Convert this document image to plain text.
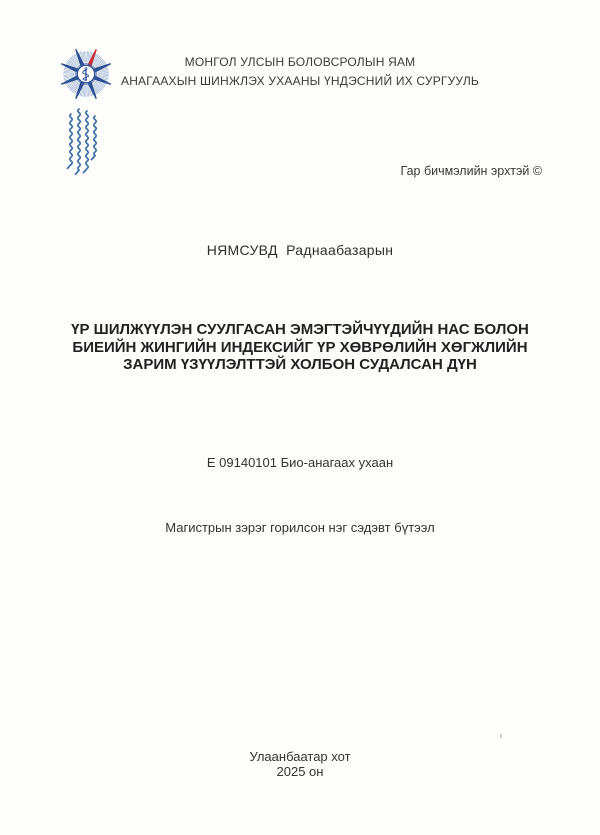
МОНГОЛ УЛСЫН БОЛОВСРОЛЫН ЯАМ
АНАГААХЫН ШИНЖЛЭХ УХААНЫ ҮНДЭСНИЙ ИХ СУРГУУЛЬ
Гар бичмэлийн эрхтэй ©
НЯМСУВД  Раднаабазарын
ҮР ШИЛЖҮҮЛЭН СУУЛГАСАН ЭМЭГТЭЙЧҮҮДИЙН НАС БОЛОН
БИЕИЙН ЖИНГИЙН ИНДЕКСИЙГ ҮР ХӨВРӨЛИЙН ХӨГЖЛИЙН
ЗАРИМ ҮЗҮҮЛЭЛТТЭЙ ХОЛБОН СУДАЛСАН ДҮН
Е 09140101 Био-анагаах ухаан
Магистрын зэрэг горилсон нэг сэдэвт бүтээл
Улаанбаатар хот
2025 он
